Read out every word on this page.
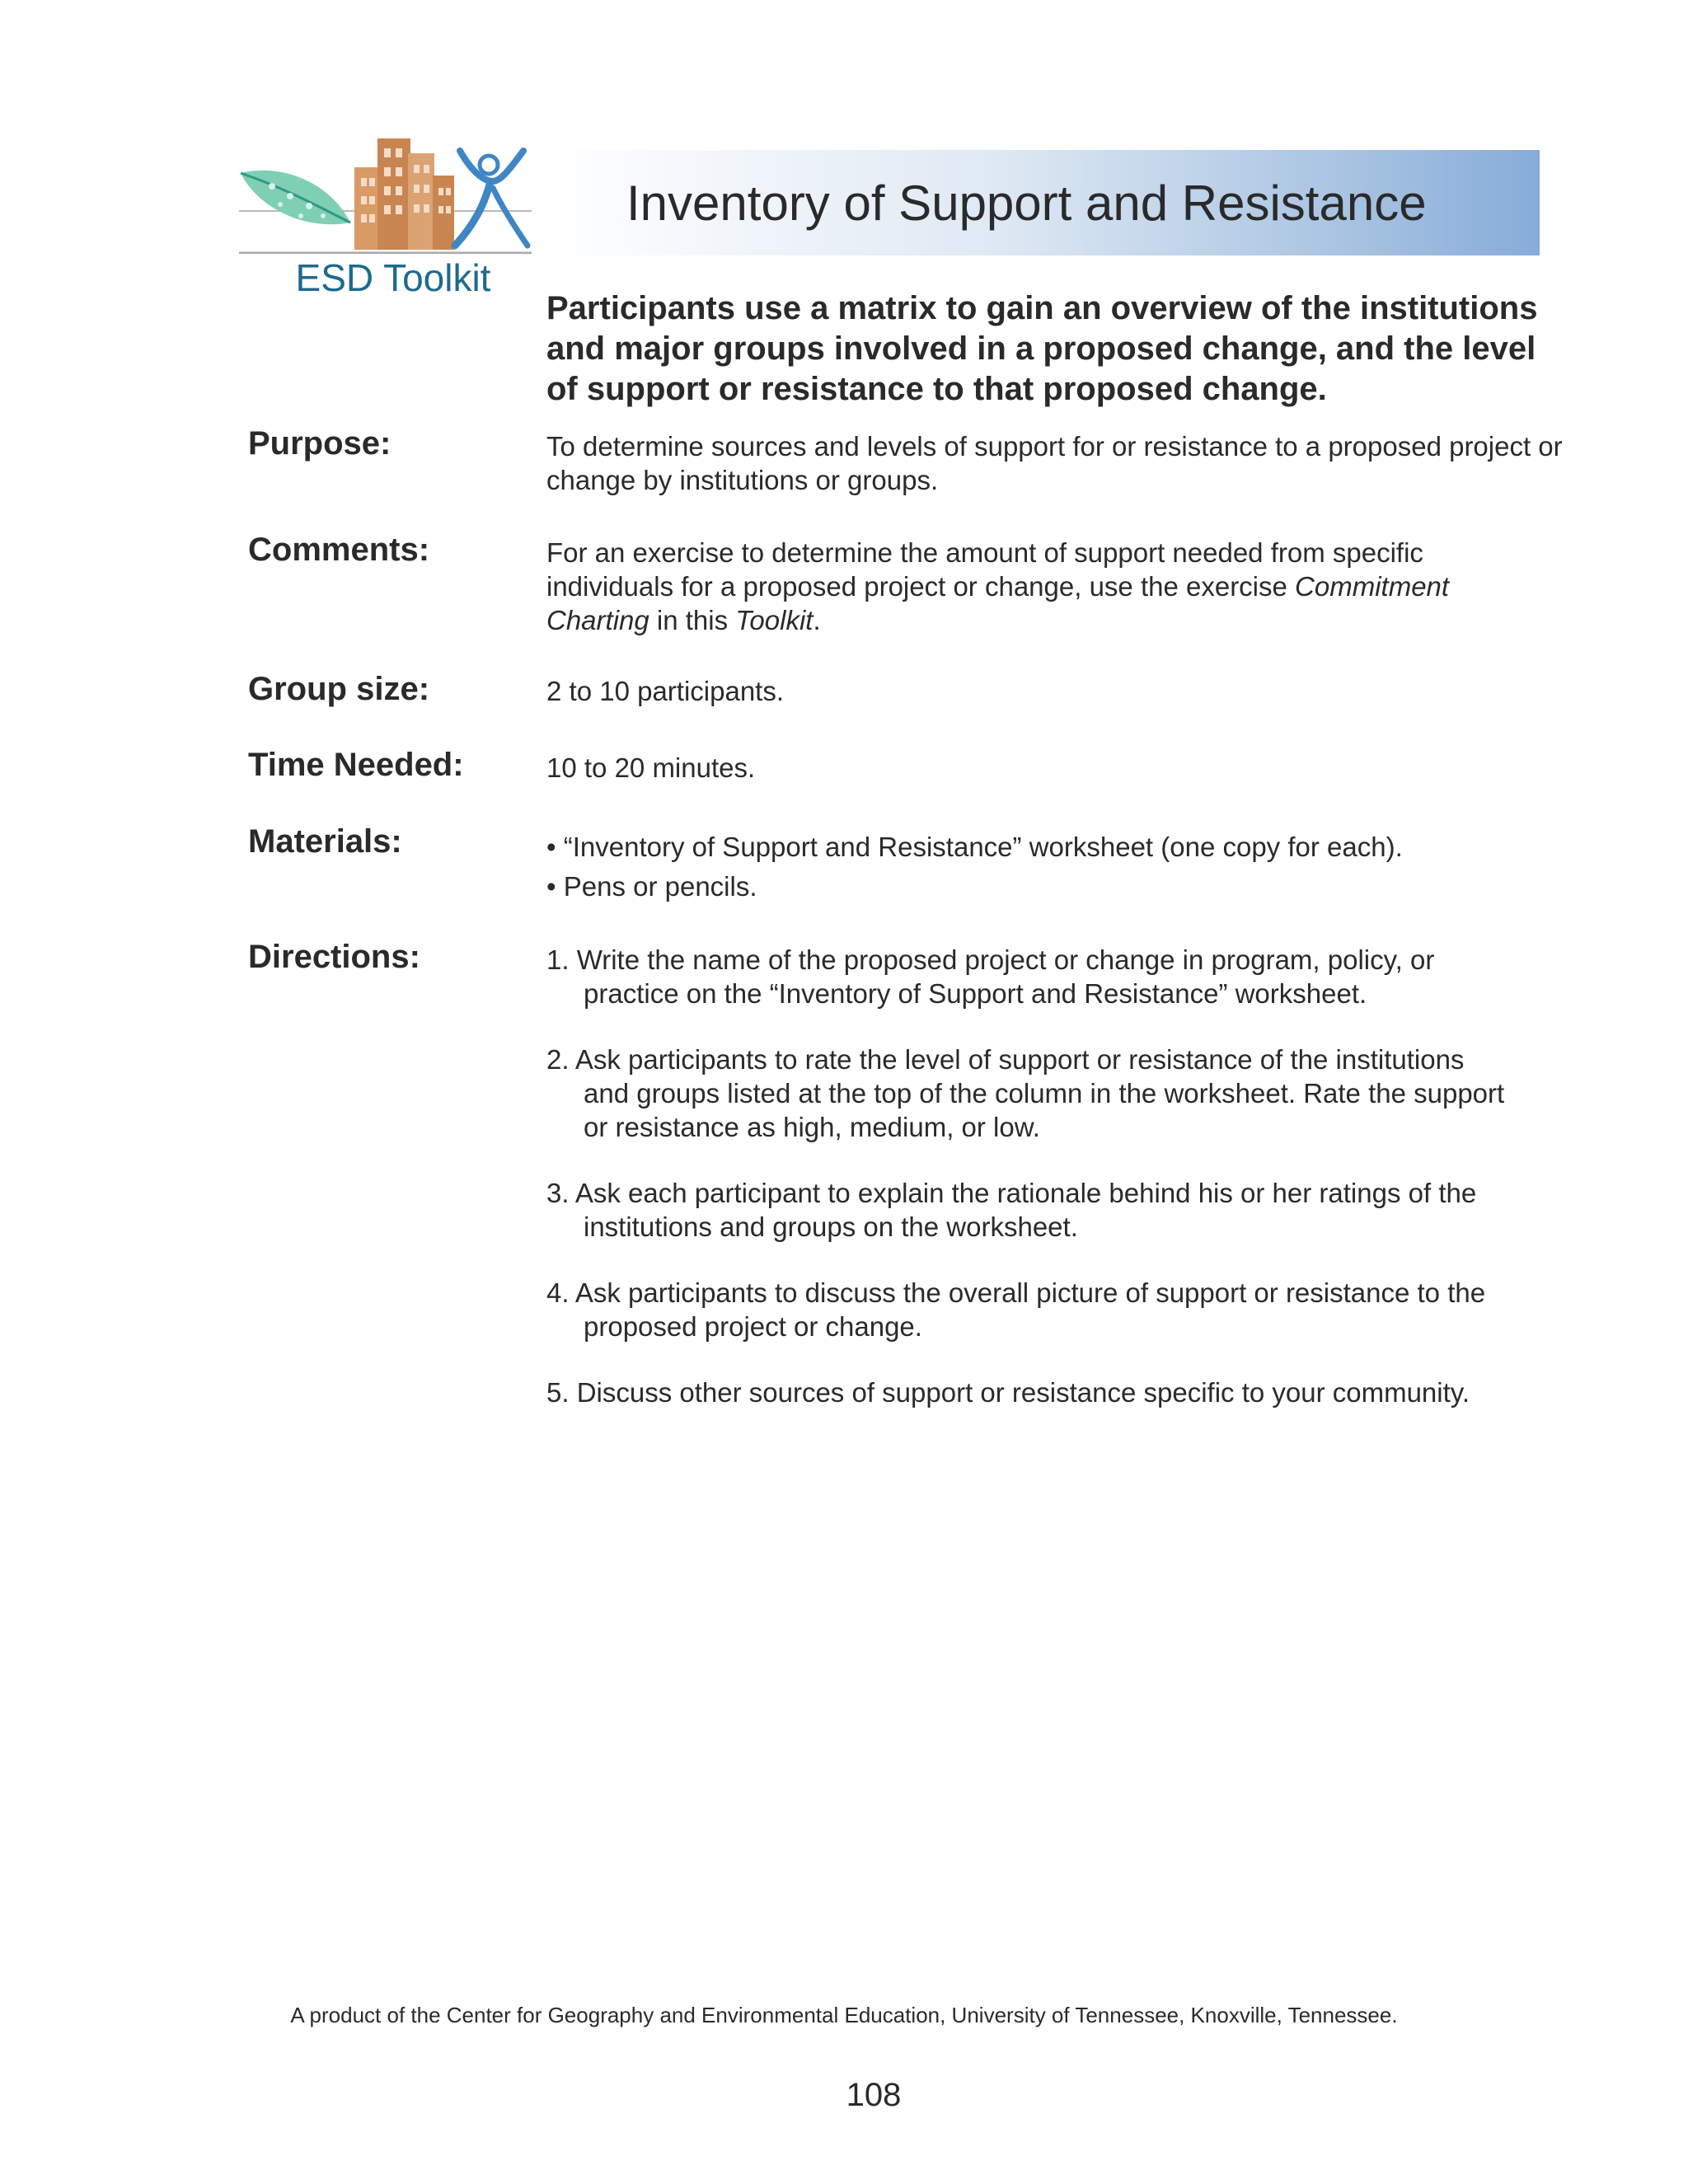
ESD Toolkit
Inventory of Support and Resistance
Participants use a matrix to gain an overview of the institutions and major groups involved in a proposed change, and the level of support or resistance to that proposed change.
Purpose:	To determine sources and levels of support for or resistance to a proposed project or change by institutions or groups.
Comments:	For an exercise to determine the amount of support needed from specific individuals for a proposed project or change, use the exercise Commitment Charting in this Toolkit.
Group size:	2 to 10 participants.
Time Needed:	10 to 20 minutes.
Materials:	• “Inventory of Support and Resistance” worksheet (one copy for each).
• Pens or pencils.
Directions:	1. Write the name of the proposed project or change in program, policy, or
practice on the “Inventory of Support and Resistance” worksheet.
2. Ask participants to rate the level of support or resistance of the institutions
and groups listed at the top of the column in the worksheet. Rate the support
or resistance as high, medium, or low.
3. Ask each participant to explain the rationale behind his or her ratings of the
institutions and groups on the worksheet.
4. Ask participants to discuss the overall picture of support or resistance to the
proposed project or change.
5. Discuss other sources of support or resistance specific to your community.
A product of the Center for Geography and Environmental Education, University of Tennessee, Knoxville, Tennessee.
108
